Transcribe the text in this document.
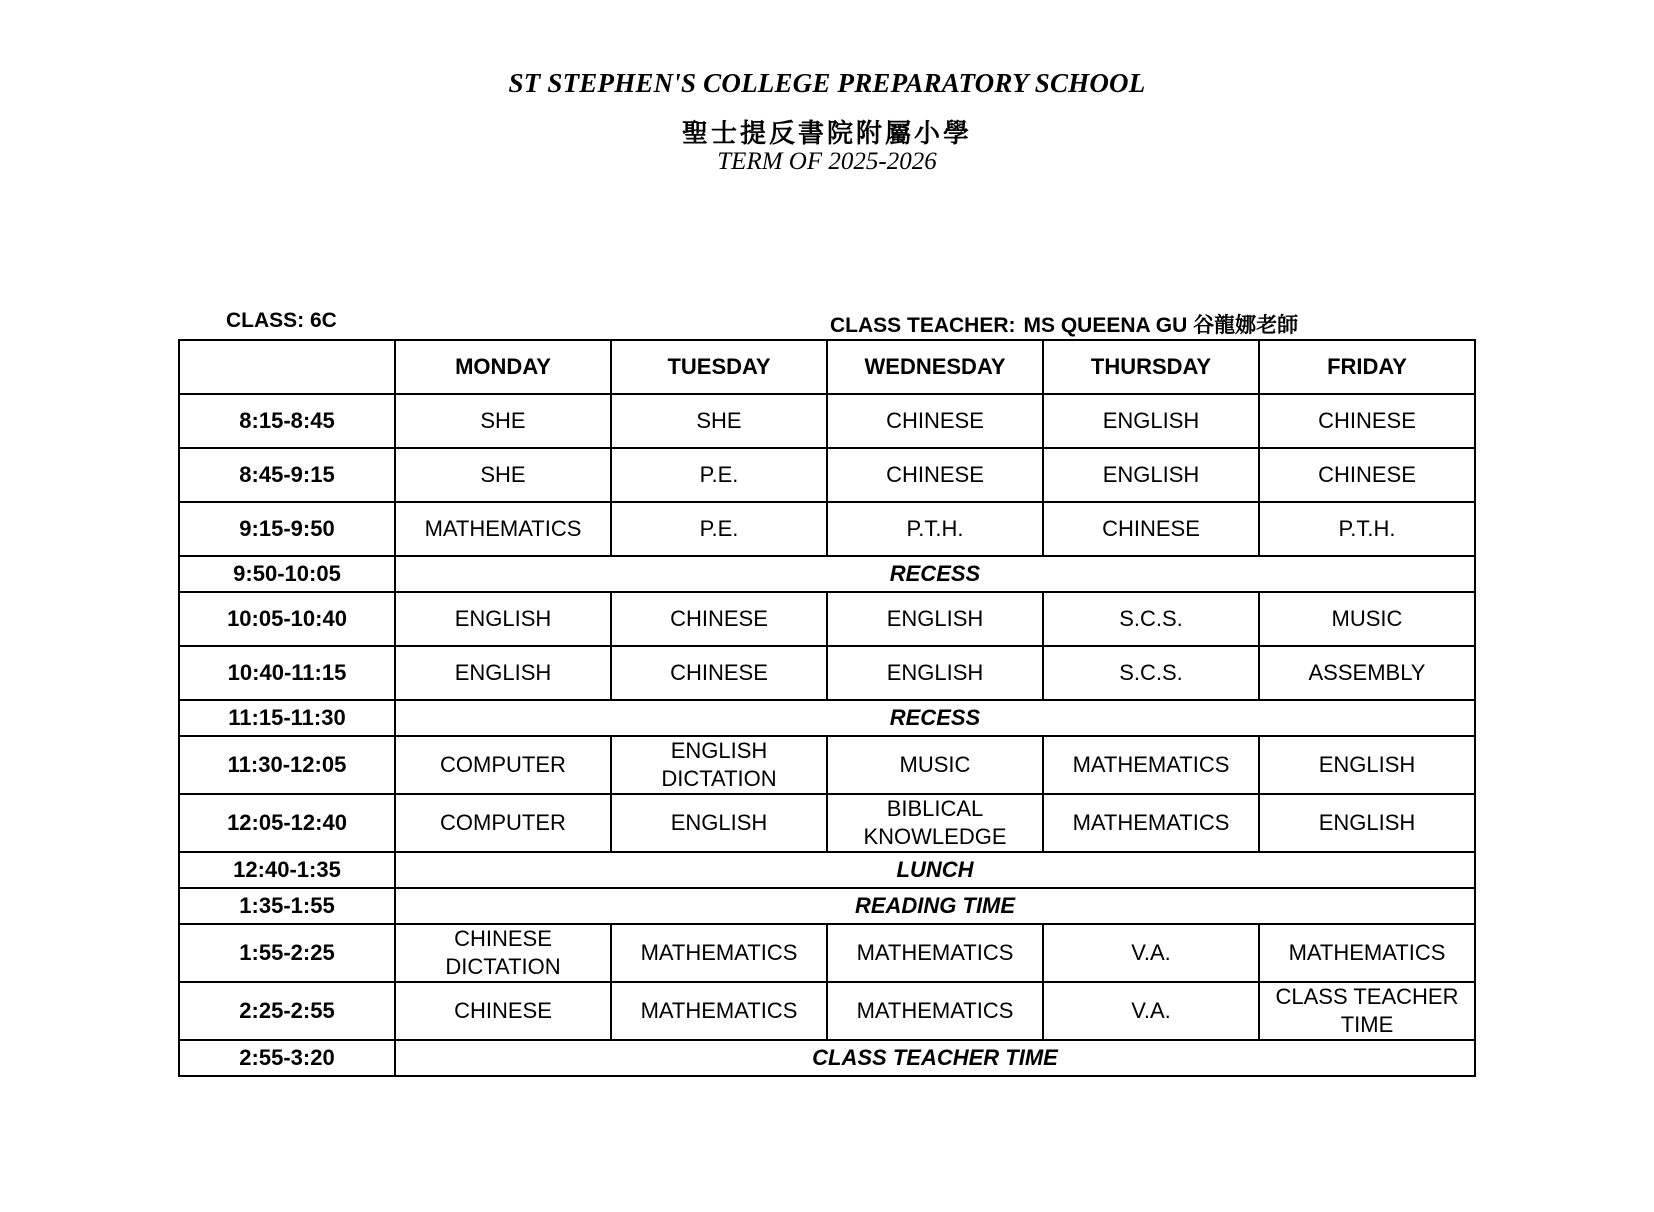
ST STEPHEN'S COLLEGE PREPARATORY SCHOOL
聖士提反書院附屬小學
TERM OF 2025-2026
CLASS: 6C	CLASS TEACHER: MS QUEENA GU 谷龍娜老師
	MONDAY	TUESDAY	WEDNESDAY	THURSDAY	FRIDAY
8:15-8:45	SHE	SHE	CHINESE	ENGLISH	CHINESE
8:45-9:15	SHE	P.E.	CHINESE	ENGLISH	CHINESE
9:15-9:50	MATHEMATICS	P.E.	P.T.H.	CHINESE	P.T.H.
9:50-10:05	RECESS				
10:05-10:40	ENGLISH	CHINESE	ENGLISH	S.C.S.	MUSIC
10:40-11:15	ENGLISH	CHINESE	ENGLISH	S.C.S.	ASSEMBLY
11:15-11:30	RECESS				
11:30-12:05	COMPUTER	ENGLISH DICTATION	MUSIC	MATHEMATICS	ENGLISH
12:05-12:40	COMPUTER	ENGLISH	BIBLICAL KNOWLEDGE	MATHEMATICS	ENGLISH
12:40-1:35	LUNCH				
1:35-1:55	READING TIME				
1:55-2:25	CHINESE DICTATION	MATHEMATICS	MATHEMATICS	V.A.	MATHEMATICS
2:25-2:55	CHINESE	MATHEMATICS	MATHEMATICS	V.A.	CLASS TEACHER TIME
2:55-3:20	CLASS TEACHER TIME				
